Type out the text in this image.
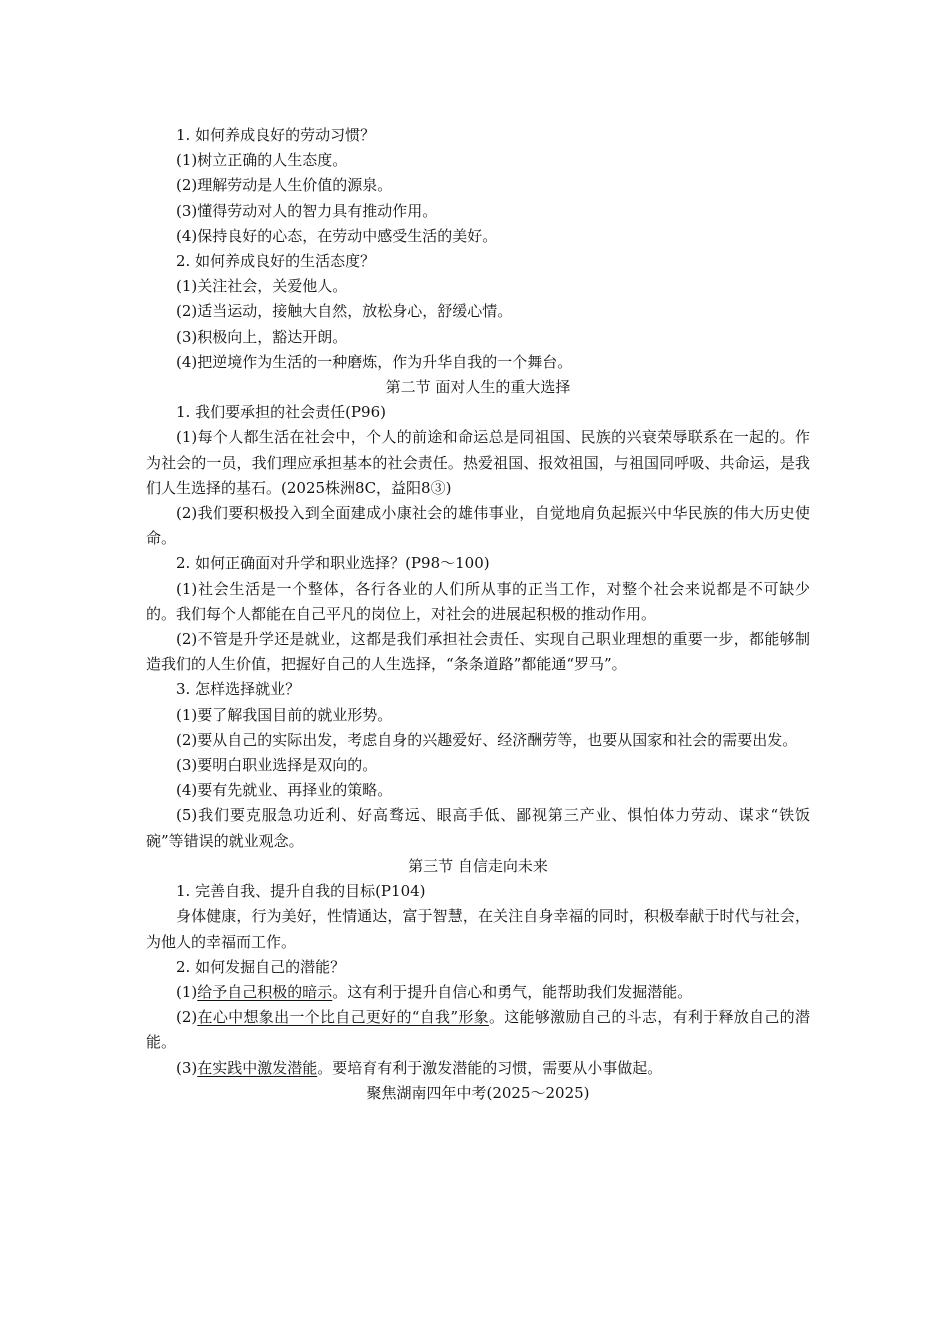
1. 如何养成良好的劳动习惯？
(1)树立正确的人生态度。
(2)理解劳动是人生价值的源泉。
(3)懂得劳动对人的智力具有推动作用。
(4)保持良好的心态，在劳动中感受生活的美好。
2. 如何养成良好的生活态度？
(1)关注社会，关爱他人。
(2)适当运动，接触大自然，放松身心，舒缓心情。
(3)积极向上，豁达开朗。
(4)把逆境作为生活的一种磨炼，作为升华自我的一个舞台。
第二节 面对人生的重大选择
1. 我们要承担的社会责任(P96)
(1)每个人都生活在社会中，个人的前途和命运总是同祖国、民族的兴衰荣辱联系在一起的。作为社会的一员，我们理应承担基本的社会责任。热爱祖国、报效祖国，与祖国同呼吸、共命运，是我们人生选择的基石。(2025株洲8C，益阳8③)
(2)我们要积极投入到全面建成小康社会的雄伟事业，自觉地肩负起振兴中华民族的伟大历史使命。
2. 如何正确面对升学和职业选择？(P98～100)
(1)社会生活是一个整体，各行各业的人们所从事的正当工作，对整个社会来说都是不可缺少的。我们每个人都能在自己平凡的岗位上，对社会的进展起积极的推动作用。
(2)不管是升学还是就业，这都是我们承担社会责任、实现自己职业理想的重要一步，都能够制造我们的人生价值，把握好自己的人生选择，“条条道路”都能通“罗马”。
3. 怎样选择就业？
(1)要了解我国目前的就业形势。
(2)要从自己的实际出发，考虑自身的兴趣爱好、经济酬劳等，也要从国家和社会的需要出发。
(3)要明白职业选择是双向的。
(4)要有先就业、再择业的策略。
(5)我们要克服急功近利、好高骛远、眼高手低、鄙视第三产业、惧怕体力劳动、谋求“铁饭碗”等错误的就业观念。
第三节 自信走向未来
1. 完善自我、提升自我的目标(P104)
身体健康，行为美好，性情通达，富于智慧，在关注自身幸福的同时，积极奉献于时代与社会，为他人的幸福而工作。
2. 如何发掘自己的潜能？
(1)给予自己积极的暗示。这有利于提升自信心和勇气，能帮助我们发掘潜能。
(2)在心中想象出一个比自己更好的“自我”形象。这能够激励自己的斗志，有利于释放自己的潜能。
(3)在实践中激发潜能。要培育有利于激发潜能的习惯，需要从小事做起。
聚焦湖南四年中考(2025～2025)
